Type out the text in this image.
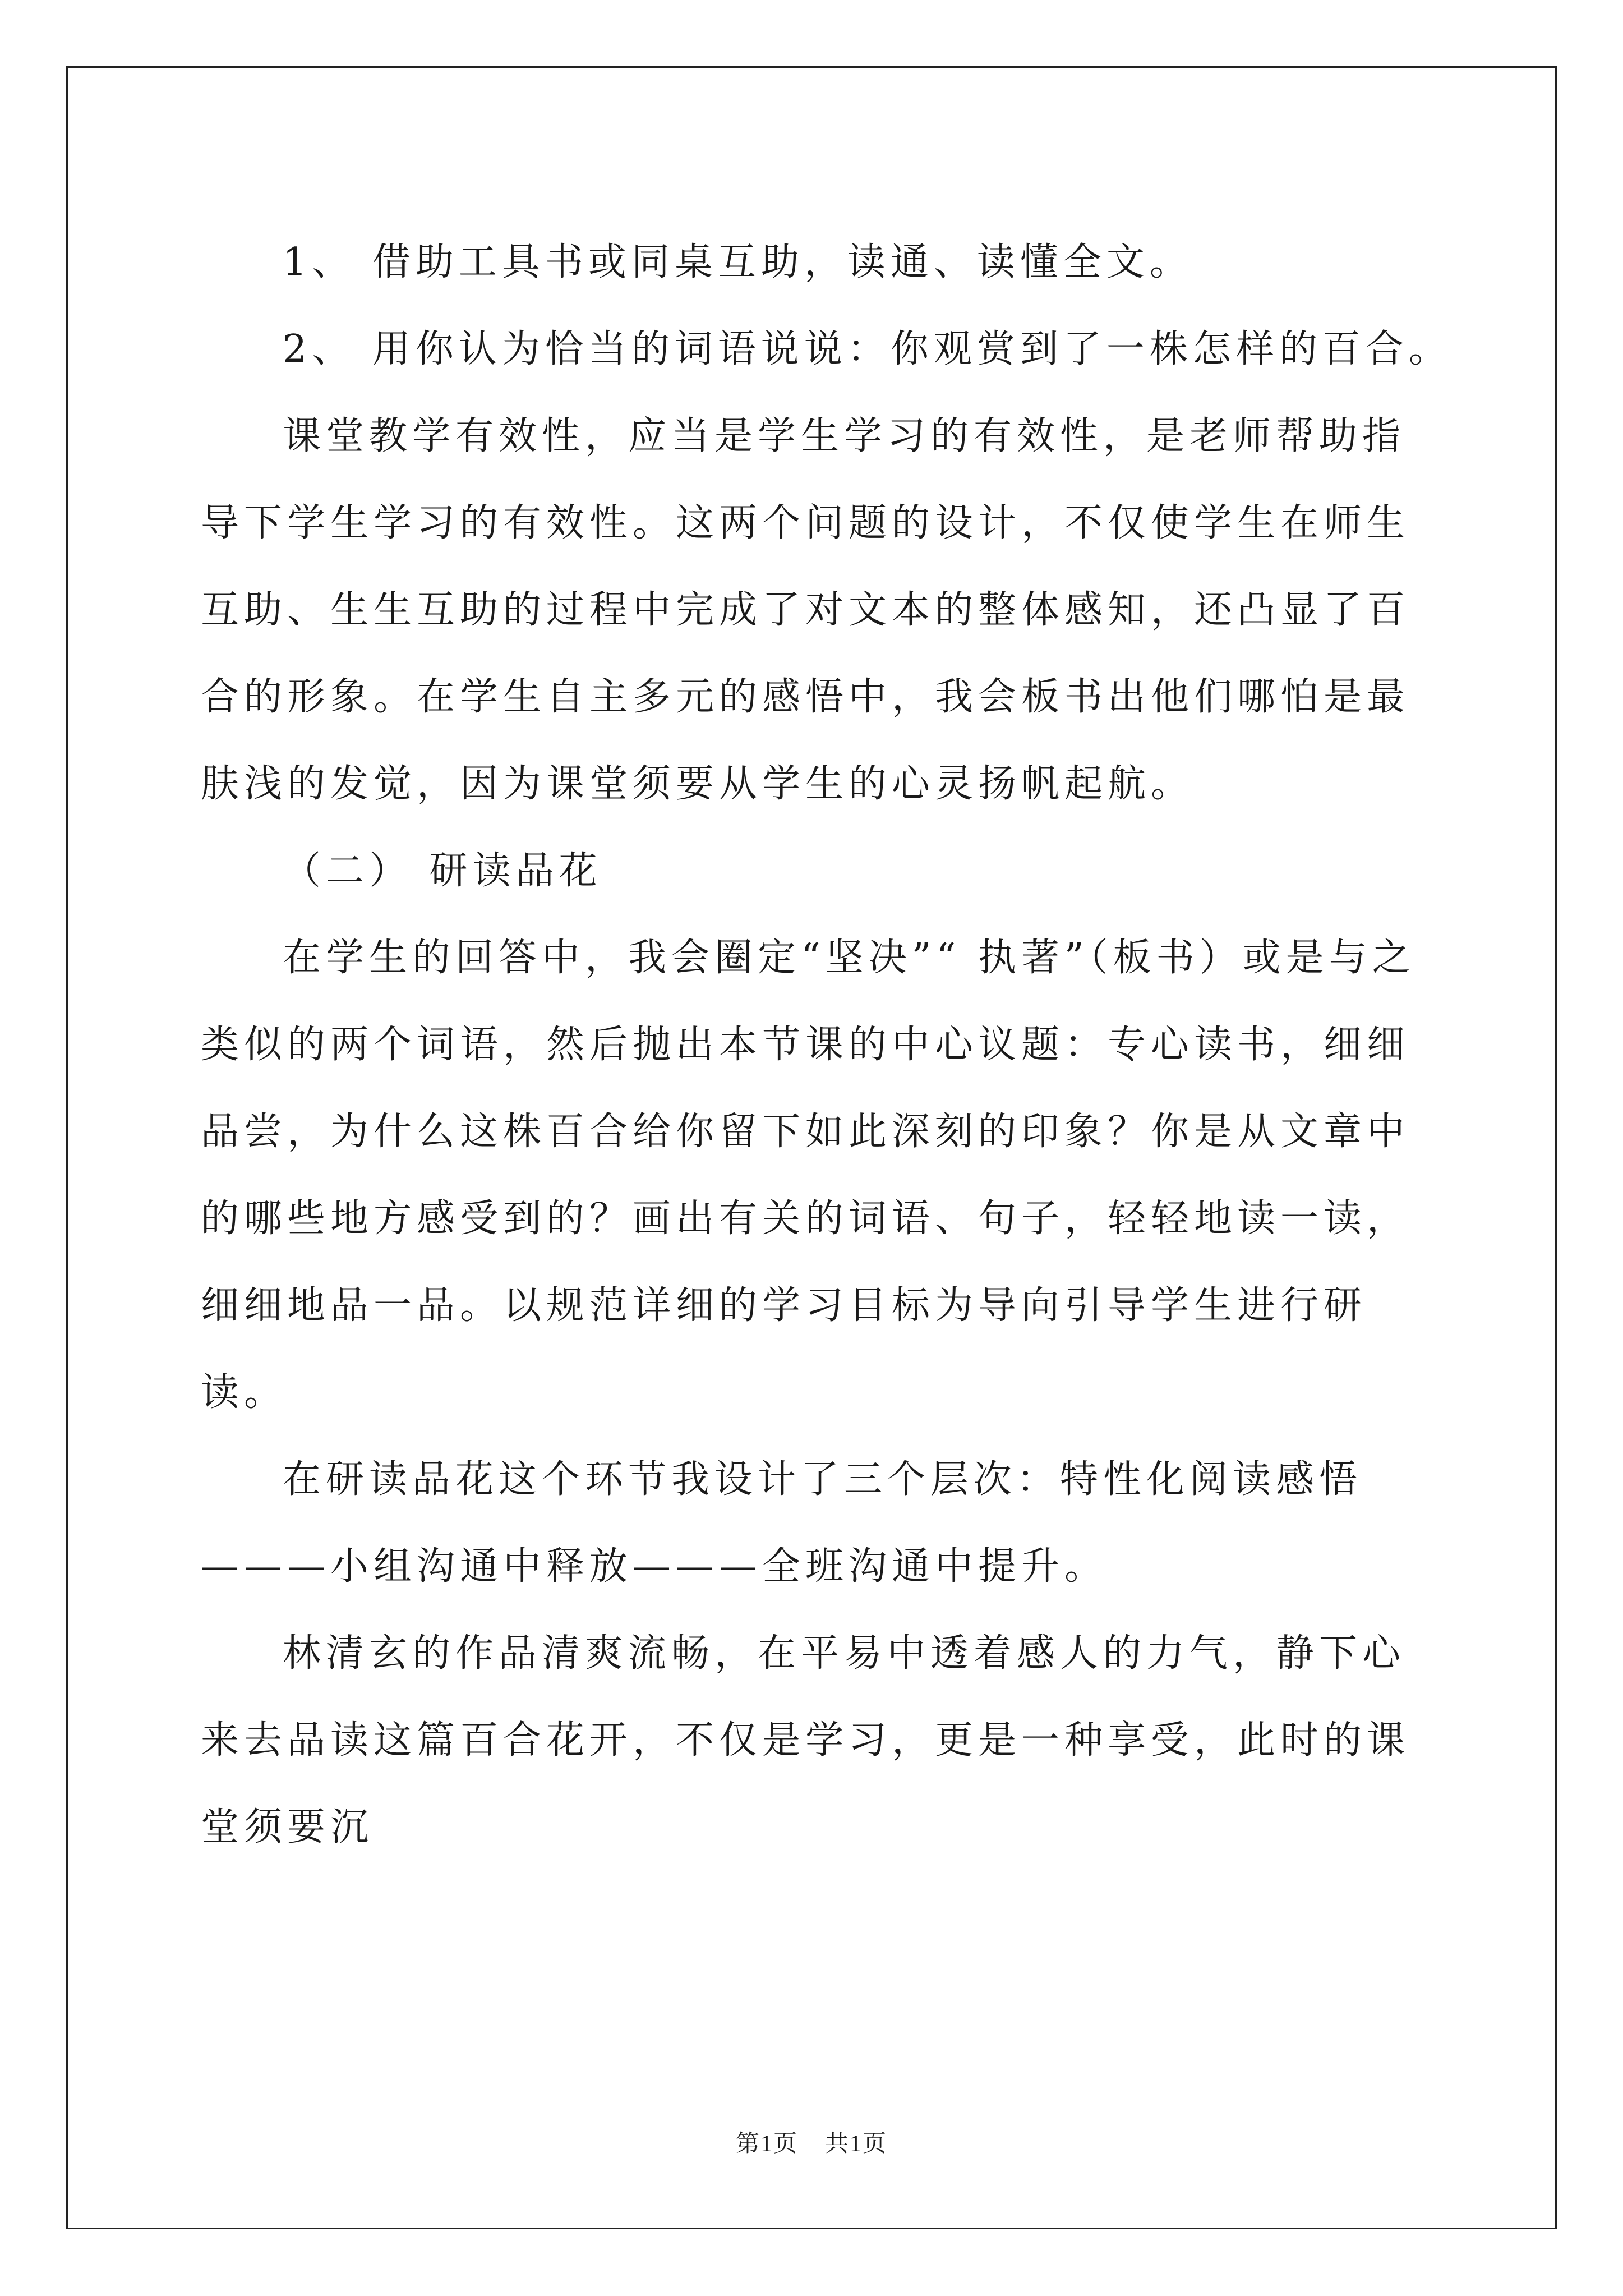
1、 借助工具书或同桌互助，读通、读懂全文。

2、 用你认为恰当的词语说说：你观赏到了一株怎样的百合。

课堂教学有效性，应当是学生学习的有效性，是老师帮助指导下学生学习的有效性。这两个问题的设计，不仅使学生在师生互助、生生互助的过程中完成了对文本的整体感知，还凸显了百合的形象。在学生自主多元的感悟中，我会板书出他们哪怕是最肤浅的发觉，因为课堂须要从学生的心灵扬帆起航。

（二） 研读品花

在学生的回答中，我会圈定“坚决”“ 执著”（板书）或是与之类似的两个词语，然后抛出本节课的中心议题：专心读书，细细品尝，为什么这株百合给你留下如此深刻的印象？你是从文章中的哪些地方感受到的？画出有关的词语、句子，轻轻地读一读，细细地品一品。以规范详细的学习目标为导向引导学生进行研读。

在研读品花这个环节我设计了三个层次：特性化阅读感悟———小组沟通中释放———全班沟通中提升。

林清玄的作品清爽流畅，在平易中透着感人的力气，静下心来去品读这篇百合花开，不仅是学习，更是一种享受，此时的课堂须要沉

第1页 共1页
